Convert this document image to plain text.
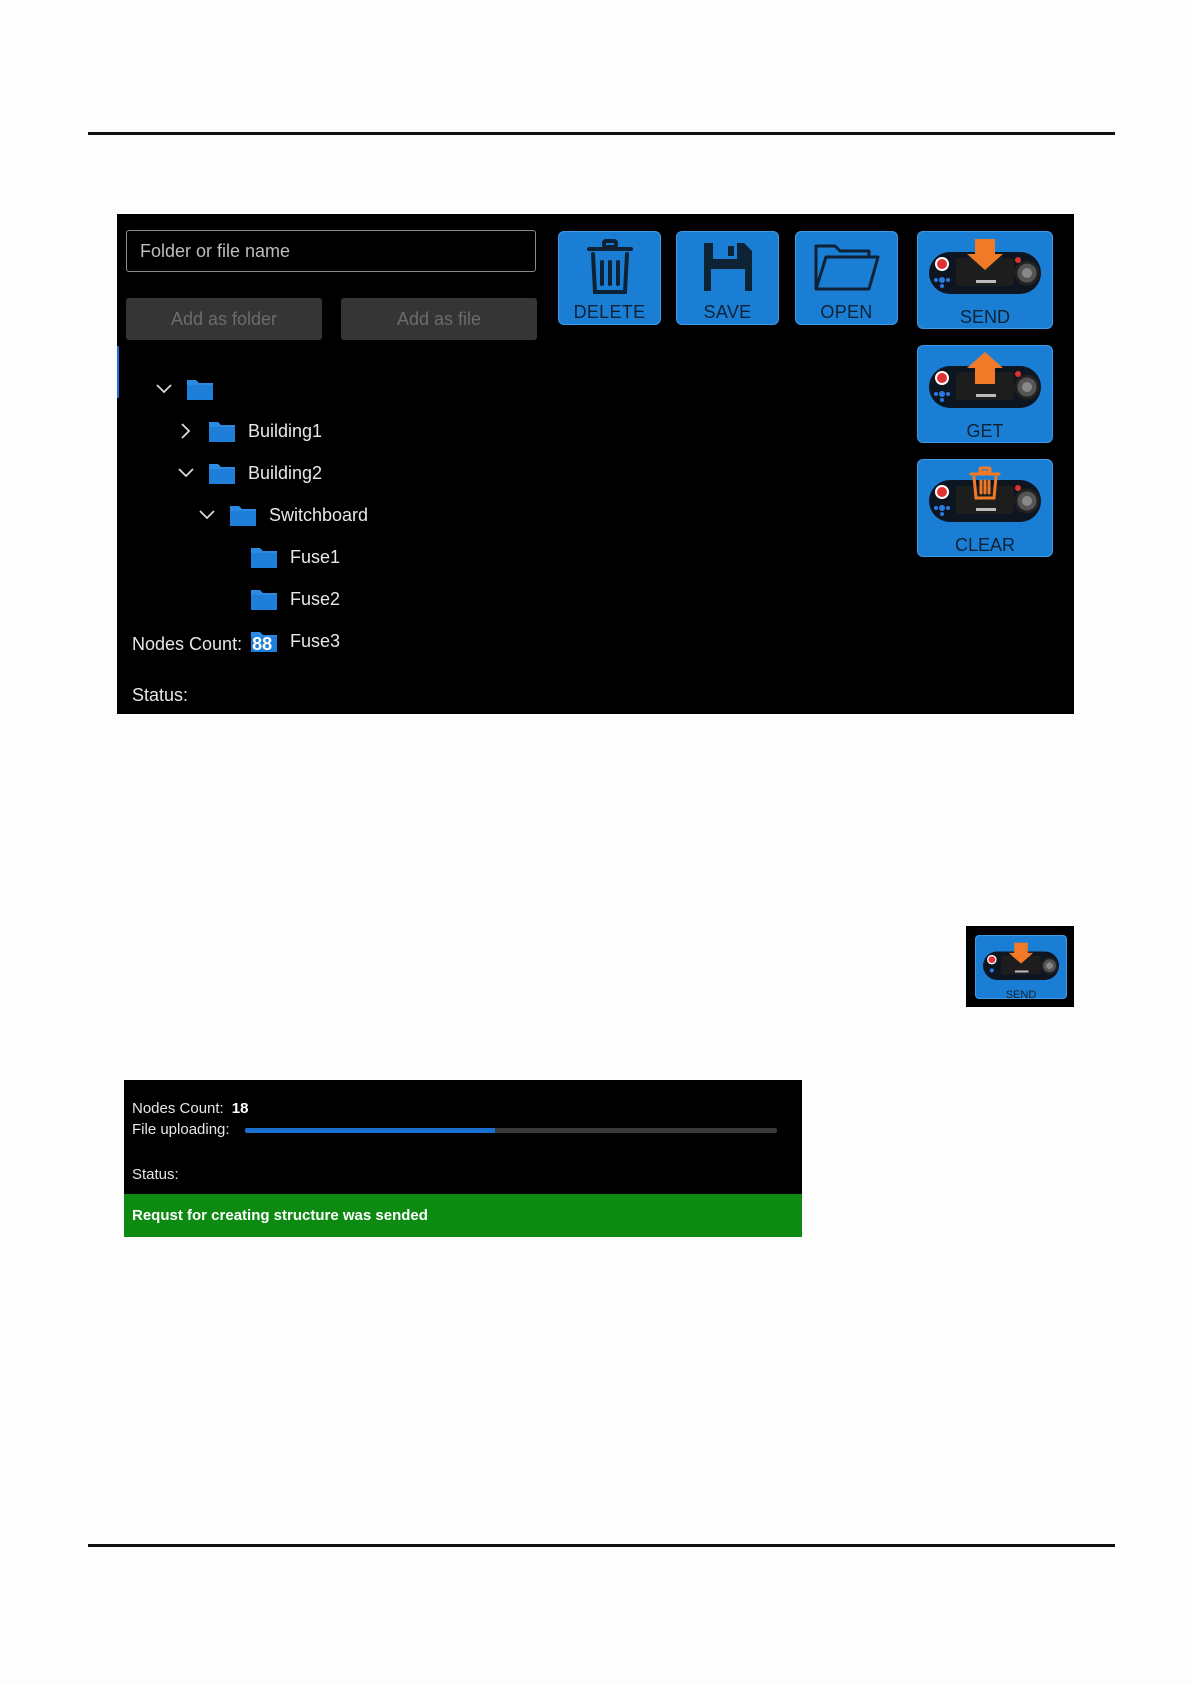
Folder or file name
Add as folder	Add as file	DELETE	SAVE	OPEN	SEND
GET
CLEAR
Building1
Building2
Switchboard
Fuse1
Fuse2
Fuse3
Nodes Count: 88
Status:
SEND
Nodes Count: 18
File uploading:
Status:
Requst for creating structure was sended
